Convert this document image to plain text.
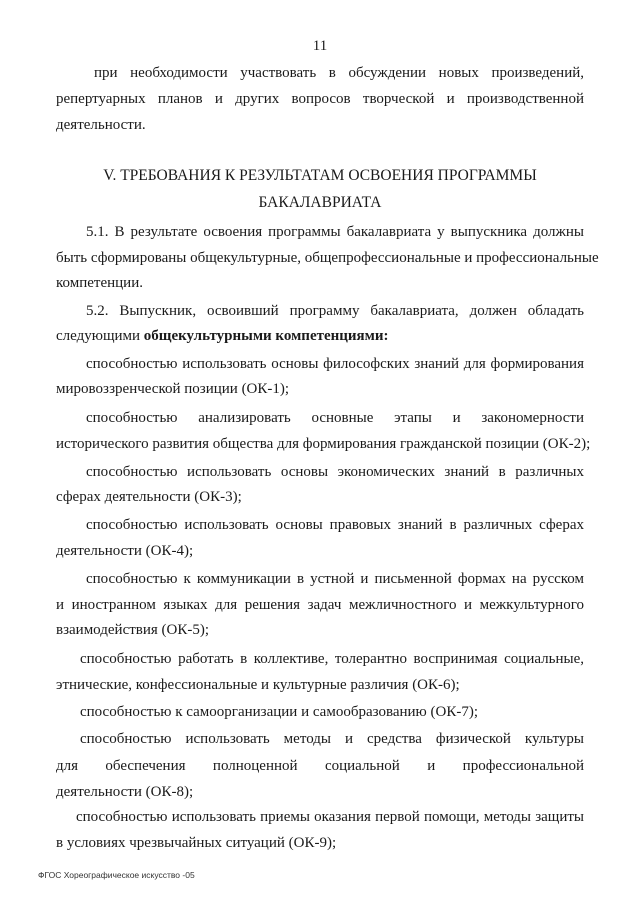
11
при необходимости участвовать в обсуждении новых произведений,
репертуарных планов и других вопросов творческой и производственной
деятельности.
V. ТРЕБОВАНИЯ К РЕЗУЛЬТАТАМ ОСВОЕНИЯ ПРОГРАММЫ
БАКАЛАВРИАТА
5.1. В результате освоения программы бакалавриата у выпускника должны
быть сформированы общекультурные, общепрофессиональные и профессиональные
компетенции.
5.2. Выпускник, освоивший программу бакалавриата, должен обладать
следующими общекультурными компетенциями:
способностью использовать основы философских знаний для формирования
мировоззренческой позиции (ОК-1);
способностью анализировать основные этапы и закономерности
исторического развития общества для формирования гражданской позиции (ОК-2);
способностью использовать основы экономических знаний в различных
сферах деятельности (ОК-3);
способностью использовать основы правовых знаний в различных сферах
деятельности (ОК-4);
способностью к коммуникации в устной и письменной формах на русском
и иностранном языках для решения задач межличностного и межкультурного
взаимодействия (ОК-5);
способностью работать в коллективе, толерантно воспринимая социальные,
этнические, конфессиональные и культурные различия (ОК-6);
способностью к самоорганизации и самообразованию (ОК-7);
способностью использовать методы и средства физической культуры
для обеспечения полноценной социальной и профессиональной
деятельности (ОК-8);
способностью использовать приемы оказания первой помощи, методы защиты
в условиях чрезвычайных ситуаций (ОК-9);
ФГОС Хореографическое искусство -05
